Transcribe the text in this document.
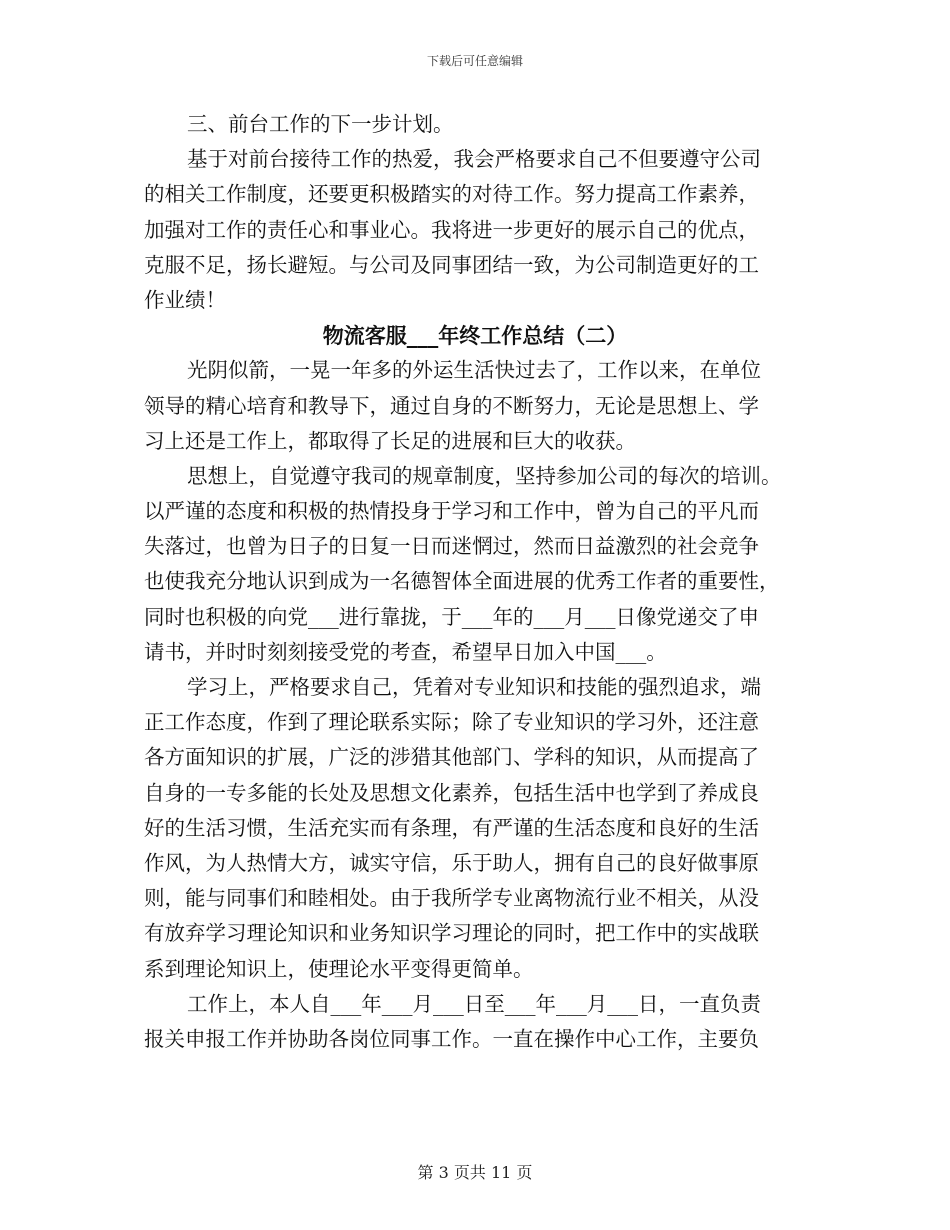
下载后可任意编辑
三、前台工作的下一步计划。
基于对前台接待工作的热爱，我会严格要求自己不但要遵守公司
的相关工作制度，还要更积极踏实的对待工作。努力提高工作素养，
加强对工作的责任心和事业心。我将进一步更好的展示自己的优点，
克服不足，扬长避短。与公司及同事团结一致，为公司制造更好的工
作业绩！
物流客服___年终工作总结（二）
光阴似箭，一晃一年多的外运生活快过去了，工作以来，在单位
领导的精心培育和教导下，通过自身的不断努力，无论是思想上、学
习上还是工作上，都取得了长足的进展和巨大的收获。
思想上，自觉遵守我司的规章制度，坚持参加公司的每次的培训。
以严谨的态度和积极的热情投身于学习和工作中，曾为自己的平凡而
失落过，也曾为日子的日复一日而迷惘过，然而日益激烈的社会竞争
也使我充分地认识到成为一名德智体全面进展的优秀工作者的重要性，
同时也积极的向党___进行靠拢，于___年的___月___日像党递交了申
请书，并时时刻刻接受党的考查，希望早日加入中国___。
学习上，严格要求自己，凭着对专业知识和技能的强烈追求，端
正工作态度，作到了理论联系实际；除了专业知识的学习外，还注意
各方面知识的扩展，广泛的涉猎其他部门、学科的知识，从而提高了
自身的一专多能的长处及思想文化素养，包括生活中也学到了养成良
好的生活习惯，生活充实而有条理，有严谨的生活态度和良好的生活
作风，为人热情大方，诚实守信，乐于助人，拥有自己的良好做事原
则，能与同事们和睦相处。由于我所学专业离物流行业不相关，从没
有放弃学习理论知识和业务知识学习理论的同时，把工作中的实战联
系到理论知识上，使理论水平变得更简单。
工作上，本人自___年___月___日至___年___月___日，一直负责
报关申报工作并协助各岗位同事工作。一直在操作中心工作，主要负
第 3 页共 11 页
